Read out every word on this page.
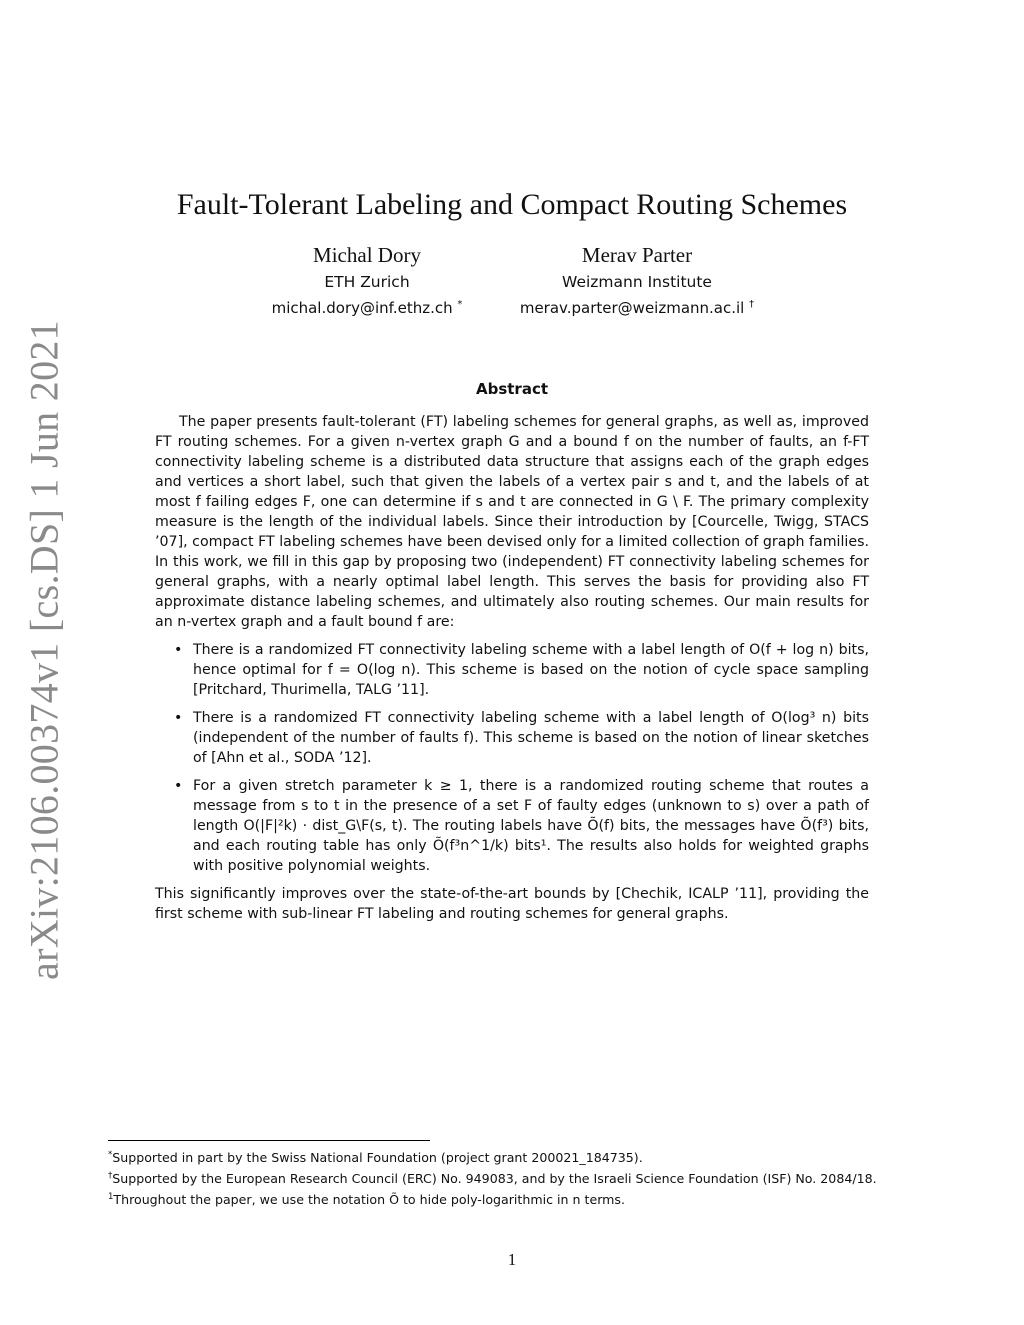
arXiv:2106.00374v1 [cs.DS] 1 Jun 2021
Fault-Tolerant Labeling and Compact Routing Schemes
Michal Dory
ETH Zurich
michal.dory@inf.ethz.ch *
Merav Parter
Weizmann Institute
merav.parter@weizmann.ac.il †
Abstract

The paper presents fault-tolerant (FT) labeling schemes for general graphs, as well as, improved FT routing schemes. For a given n-vertex graph G and a bound f on the number of faults, an f-FT connectivity labeling scheme is a distributed data structure that assigns each of the graph edges and vertices a short label, such that given the labels of a vertex pair s and t, and the labels of at most f failing edges F, one can determine if s and t are connected in G \ F. The primary complexity measure is the length of the individual labels. Since their introduction by [Courcelle, Twigg, STACS ’07], compact FT labeling schemes have been devised only for a limited collection of graph families. In this work, we fill in this gap by proposing two (independent) FT connectivity labeling schemes for general graphs, with a nearly optimal label length. This serves the basis for providing also FT approximate distance labeling schemes, and ultimately also routing schemes. Our main results for an n-vertex graph and a fault bound f are:

• There is a randomized FT connectivity labeling scheme with a label length of O(f + log n) bits, hence optimal for f = O(log n). This scheme is based on the notion of cycle space sampling [Pritchard, Thurimella, TALG ’11].
• There is a randomized FT connectivity labeling scheme with a label length of O(log³ n) bits (independent of the number of faults f). This scheme is based on the notion of linear sketches of [Ahn et al., SODA ’12].
• For a given stretch parameter k ≥ 1, there is a randomized routing scheme that routes a message from s to t in the presence of a set F of faulty edges (unknown to s) over a path of length O(|F|²k) · dist_G\F(s, t). The routing labels have Õ(f) bits, the messages have Õ(f³) bits, and each routing table has only Õ(f³n^1/k) bits¹. The results also holds for weighted graphs with positive polynomial weights.

This significantly improves over the state-of-the-art bounds by [Chechik, ICALP ’11], providing the first scheme with sub-linear FT labeling and routing schemes for general graphs.

*Supported in part by the Swiss National Foundation (project grant 200021_184735).

†Supported by the European Research Council (ERC) No. 949083, and by the Israeli Science Foundation (ISF) No. 2084/18.

$^1$Throughout the paper, we use the notation Õ to hide poly-logarithmic in n terms.

1
